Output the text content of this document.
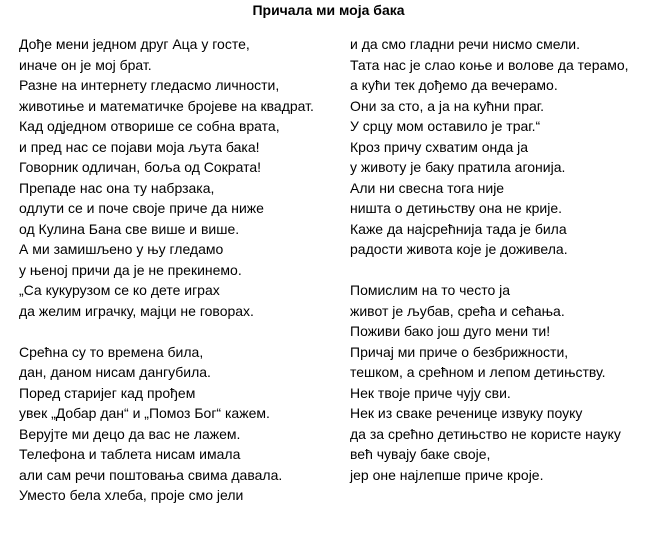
Причала ми моја бака
Дође мени једном друг Аца у госте,
иначе он је мој брат.
Разне на интернету гледасмо личности,
животиње и математичке бројеве на квадрат.
Кад одједном отворише се собна врата,
и пред нас се појави моја љута бака!
Говорник одличан, боља од Сократа!
Препаде нас она ту набрзака,
одлути се и поче своје приче да ниже
од Кулина Бана све више и више.
А ми замишљено у њу гледамо
у њеној причи да је не прекинемо.
„Са кукурузом се ко дете играх
да желим играчку, мајци не говорах.
Срећна су то времена била,
дан, даном нисам дангубила.
Поред старијег кад прођем
увек „Добар дан“ и „Помоз Бог“ кажем.
Верујте ми децо да вас не лажем.
Телефона и таблета нисам имала
али сам речи поштовања свима давала.
Уместо бела хлеба, проје смо јели
и да смо гладни речи нисмо смели.
Тата нас је слао коње и волове да терамо,
а кући тек дођемо да вечерамо.
Они за сто, а ја на кућни праг.
У срцу мом оставило је траг.“
Кроз причу схватим онда ја
у животу је баку пратила агонија.
Али ни свесна тога није
ништа о детињству она не крије.
Каже да најсрећнија тада је била
радости живота које је доживела.
Помислим на то често ја
живот је љубав, срећа и сећања.
Поживи бако још дуго мени ти!
Причај ми приче о безбрижности,
тешком, а срећном и лепом детињству.
Нек твоје приче чују сви.
Нек из сваке реченице извуку поуку
да за срећно детињство не користе науку
већ чувају баке своје,
јер оне најлепше приче кроје.
